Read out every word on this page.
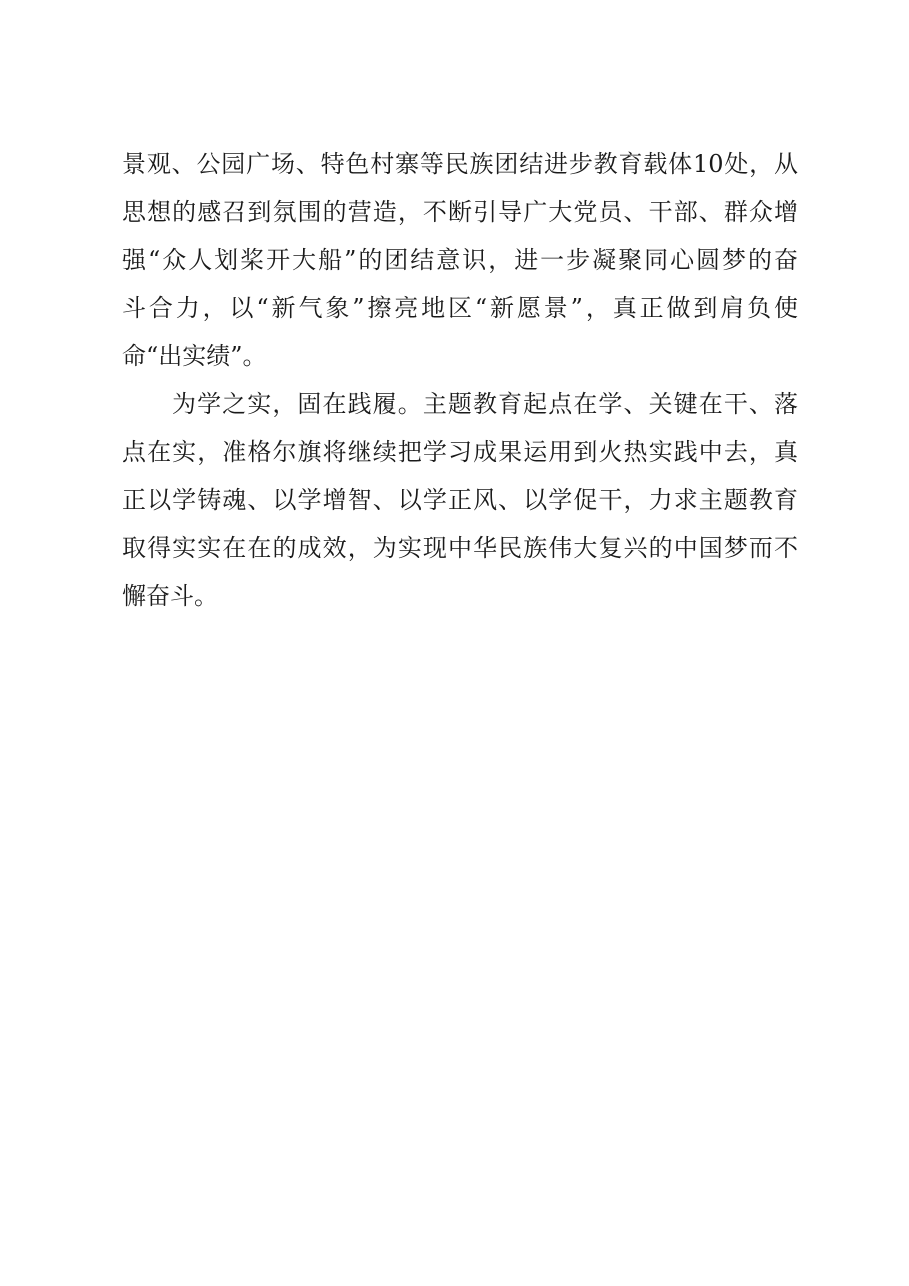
景观、公园广场、特色村寨等民族团结进步教育载体10处，从
思想的感召到氛围的营造，不断引导广大党员、干部、群众增
强“众人划桨开大船”的团结意识，进一步凝聚同心圆梦的奋
斗合力，以“新气象”擦亮地区“新愿景”，真正做到肩负使
命“出实绩”。
为学之实，固在践履。主题教育起点在学、关键在干、落
点在实，准格尔旗将继续把学习成果运用到火热实践中去，真
正以学铸魂、以学增智、以学正风、以学促干，力求主题教育
取得实实在在的成效，为实现中华民族伟大复兴的中国梦而不
懈奋斗。
